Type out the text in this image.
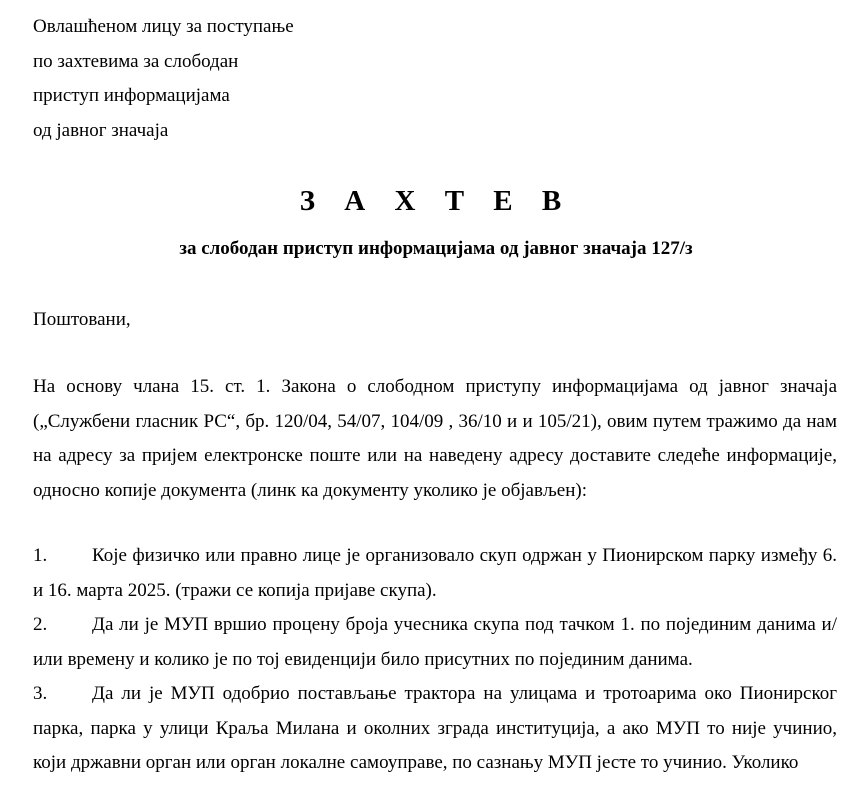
Овлашћеном лицу за поступање
по захтевима за слободан
приступ информацијама
од јавног значаја
З А Х Т Е В
за слободан приступ информацијама од јавног значаја 127/з
Поштовани,
На основу члана 15. ст. 1. Закона о слободном приступу информацијама од јавног значаја („Службени гласник РС“, бр. 120/04, 54/07, 104/09 , 36/10 и и 105/21), овим путем тражимо да нам на адресу за пријем електронске поште или на наведену адресу доставите следеће информације, односно копије документа (линк ка документу уколико је објављен):
1. Које физичко или правно лице је организовало скуп одржан у Пионирском парку између 6. и 16. марта 2025. (тражи се копија пријаве скупа).
2. Да ли је МУП вршио процену броја учесника скупа под тачком 1. по појединим данима и/или времену и колико је по тој евиденцији било присутних по појединим данима.
3. Да ли је МУП одобрио постављање трактора на улицама и тротоарима око Пионирског парка, парка у улици Краља Милана и околних зграда институција, а ако МУП то није учинио, који државни орган или орган локалне самоуправе, по сазнању МУП јесте то учинио. Уколико
